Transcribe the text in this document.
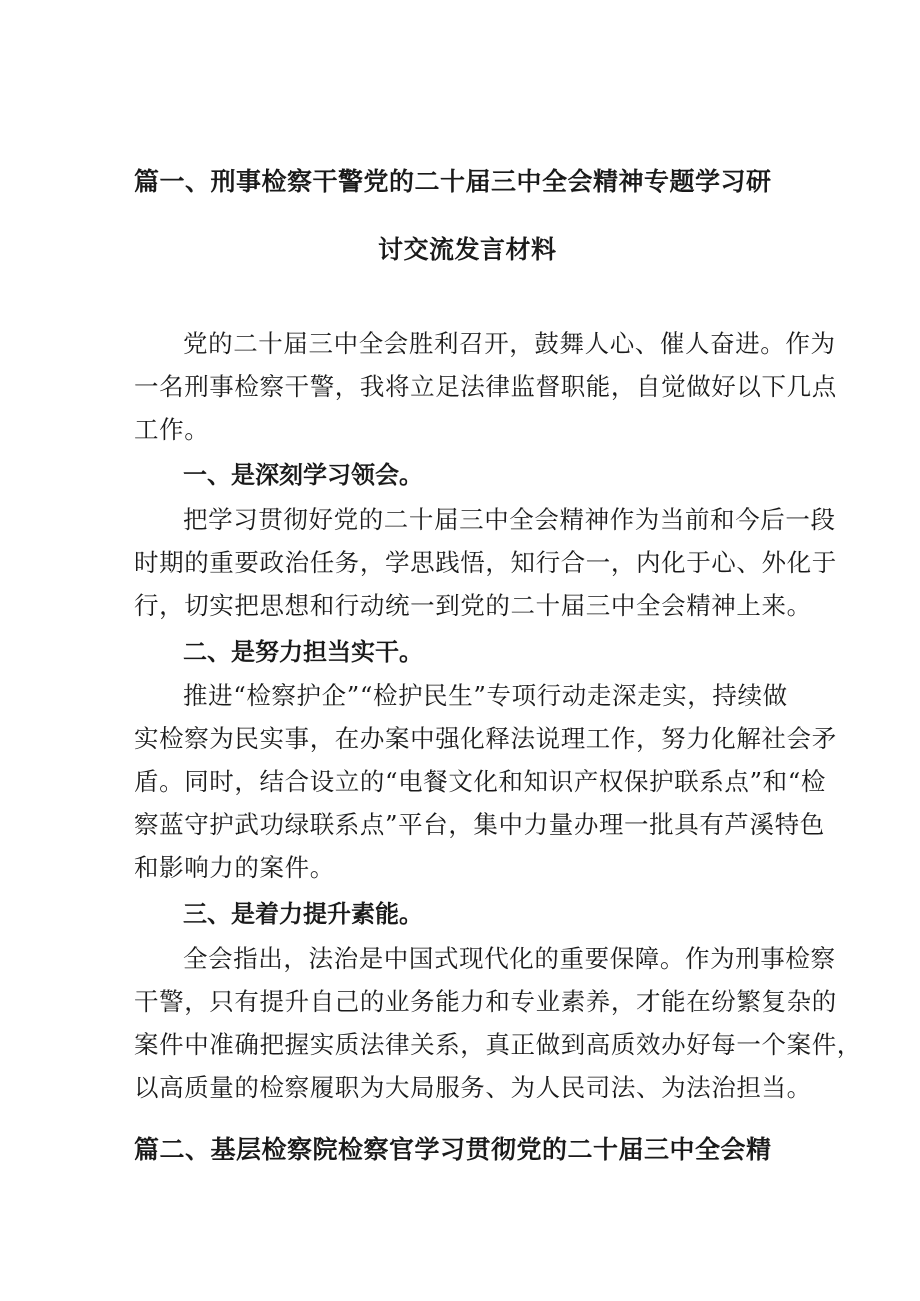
篇一、刑事检察干警党的二十届三中全会精神专题学习研
讨交流发言材料

党的二十届三中全会胜利召开，鼓舞人心、催人奋进。作为

一名刑事检察干警，我将立足法律监督职能，自觉做好以下几点

工作。

一、是深刻学习领会。

把学习贯彻好党的二十届三中全会精神作为当前和今后一段

时期的重要政治任务，学思践悟，知行合一，内化于心、外化于

行，切实把思想和行动统一到党的二十届三中全会精神上来。

二、是努力担当实干。

推进“检察护企”“检护民生”专项行动走深走实，持续做

实检察为民实事，在办案中强化释法说理工作，努力化解社会矛

盾。同时，结合设立的“电餐文化和知识产权保护联系点”和“检

察蓝守护武功绿联系点”平台，集中力量办理一批具有芦溪特色

和影响力的案件。

三、是着力提升素能。

全会指出，法治是中国式现代化的重要保障。作为刑事检察

干警，只有提升自己的业务能力和专业素养，才能在纷繁复杂的

案件中准确把握实质法律关系，真正做到高质效办好每一个案件，

以高质量的检察履职为大局服务、为人民司法、为法治担当。

篇二、基层检察院检察官学习贯彻党的二十届三中全会精
